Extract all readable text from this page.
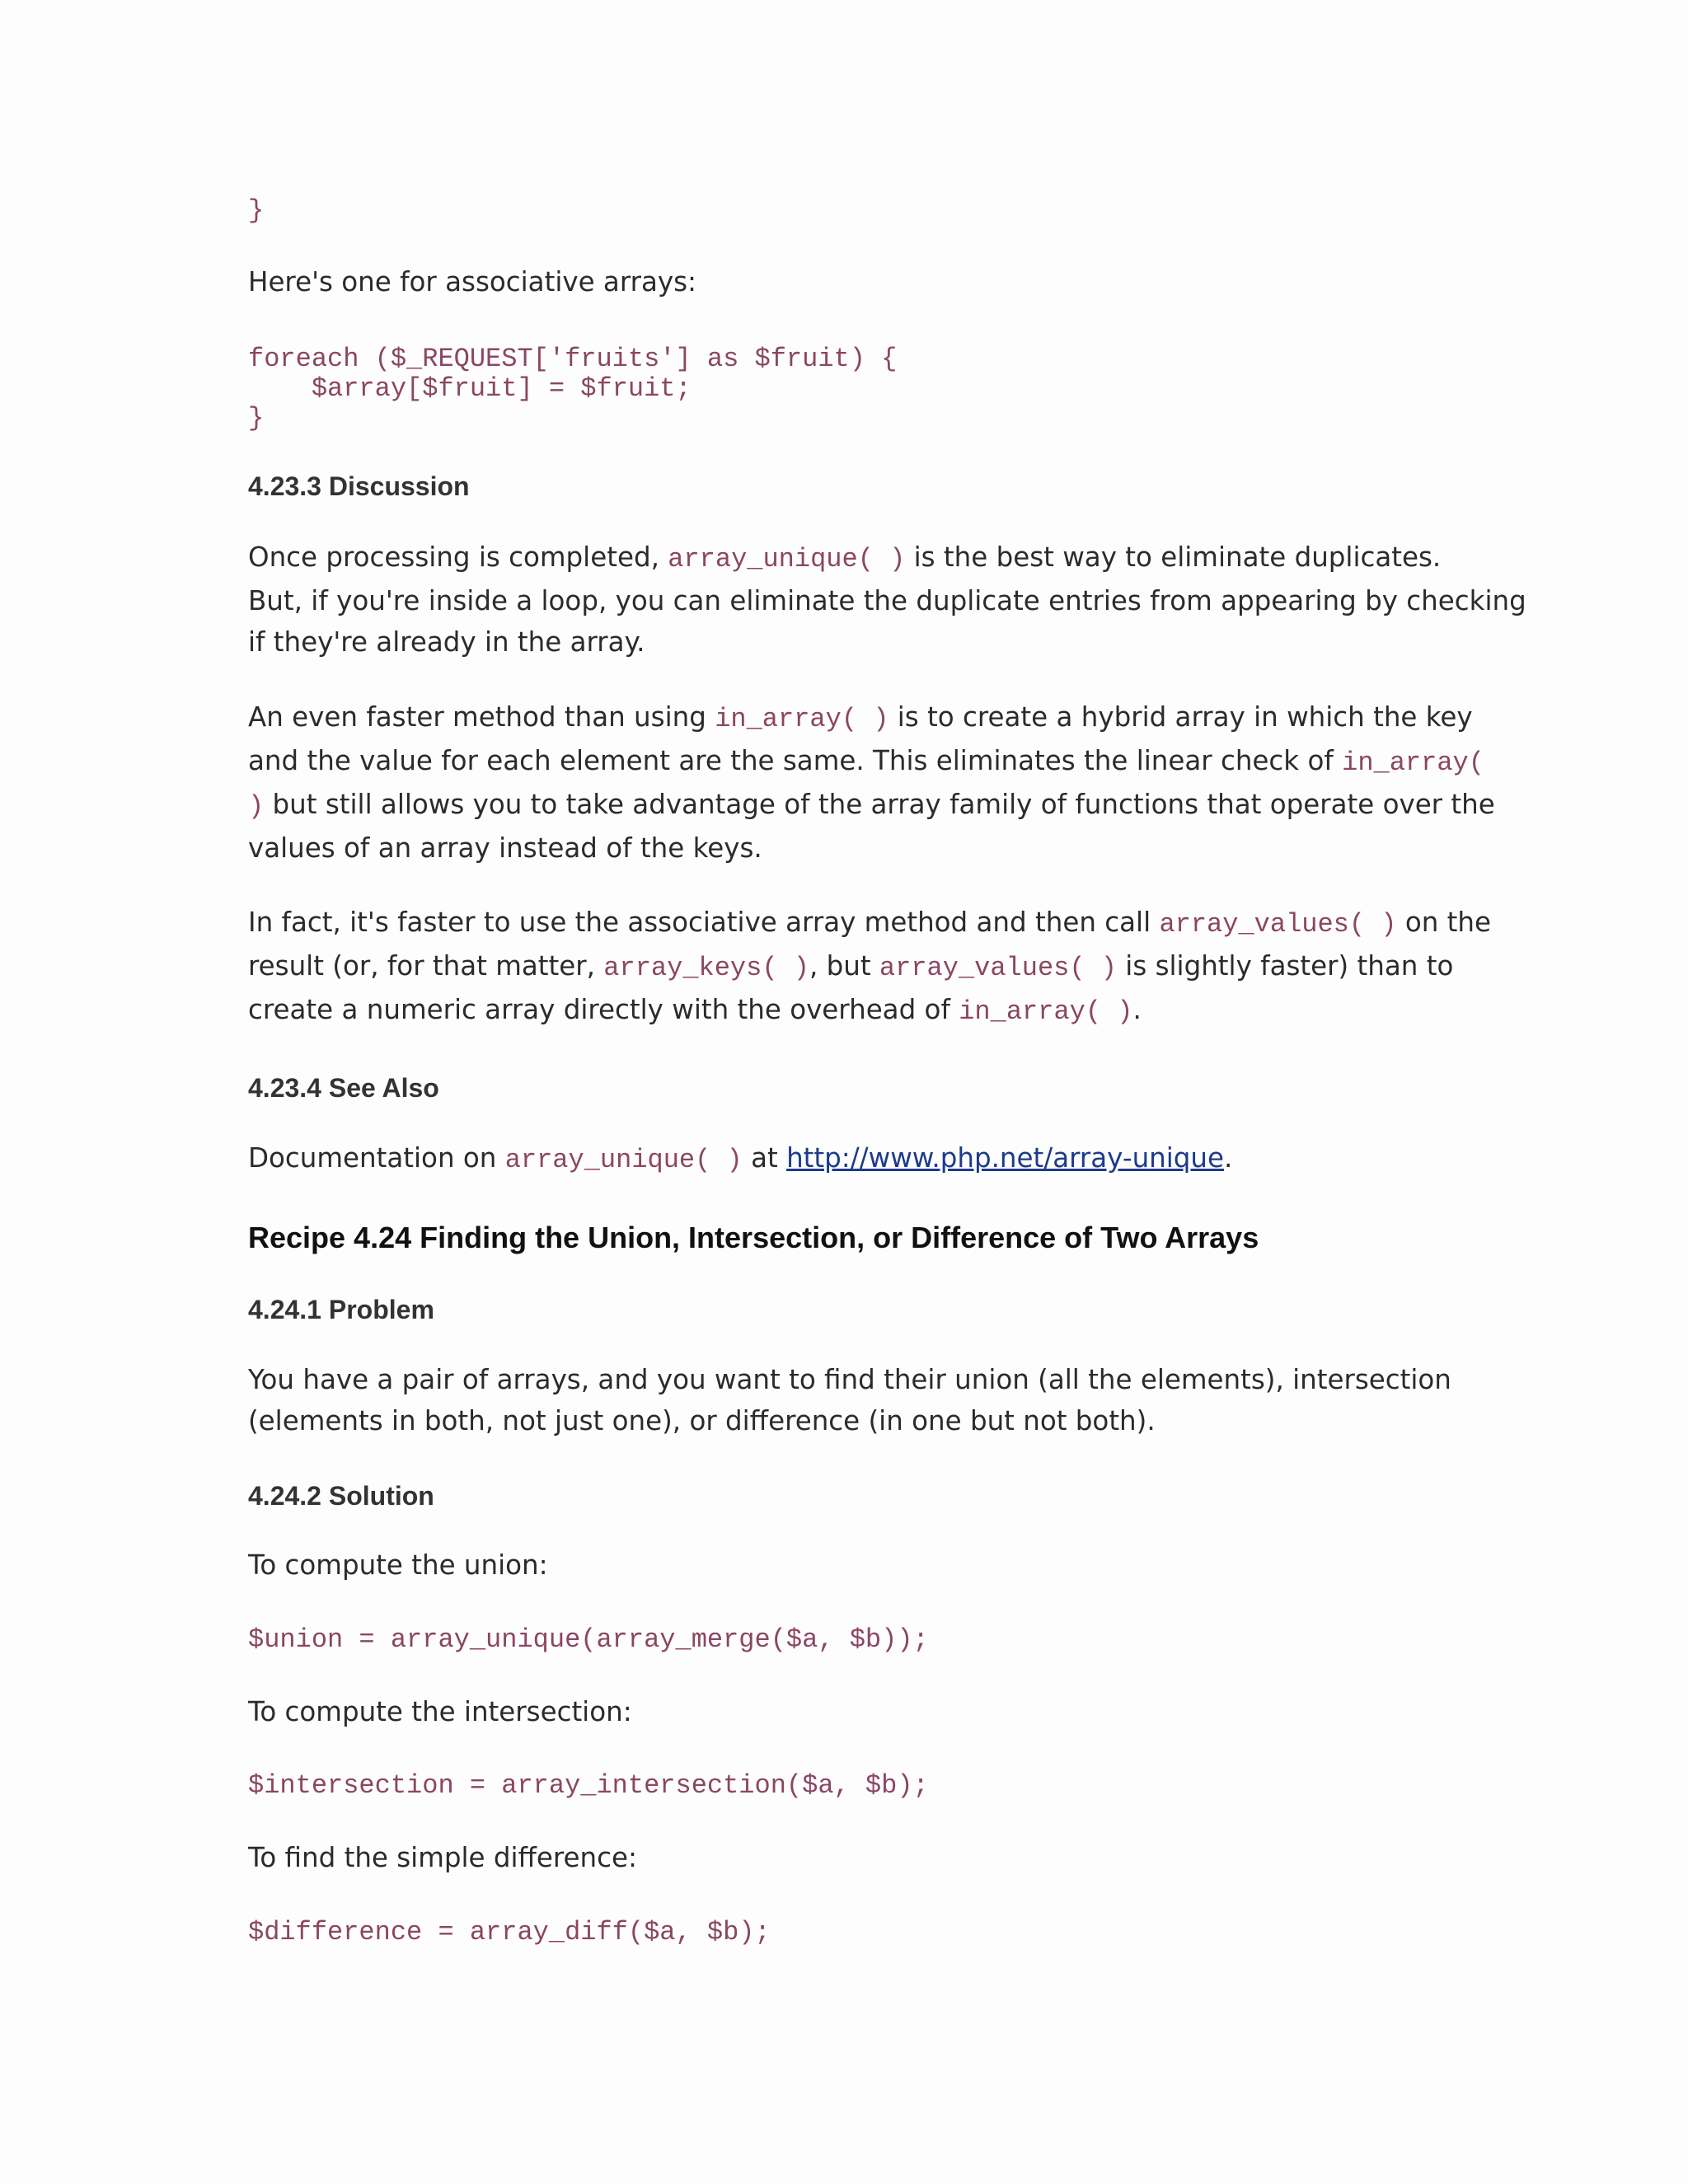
}

Here's one for associative arrays:

foreach ($_REQUEST['fruits'] as $fruit) {
$array[$fruit] = $fruit;
}
4.23.3 Discussion
Once processing is completed, array_unique( ) is the best way to eliminate duplicates.
But, if you're inside a loop, you can eliminate the duplicate entries from appearing by checking
if they're already in the array.
An even faster method than using in_array( ) is to create a hybrid array in which the key
and the value for each element are the same. This eliminates the linear check of in_array(
) but still allows you to take advantage of the array family of functions that operate over the
values of an array instead of the keys.
In fact, it's faster to use the associative array method and then call array_values( ) on the
result (or, for that matter, array_keys( ), but array_values( ) is slightly faster) than to
create a numeric array directly with the overhead of in_array( ).
4.23.4 See Also
Documentation on array_unique( ) at http://www.php.net/array-unique.
Recipe 4.24 Finding the Union, Intersection, or Difference of Two Arrays
4.24.1 Problem
You have a pair of arrays, and you want to find their union (all the elements), intersection
(elements in both, not just one), or difference (in one but not both).
4.24.2 Solution

To compute the union:

$union = array_unique(array_merge($a, $b));

To compute the intersection:

$intersection = array_intersection($a, $b);

To find the simple difference:

$difference = array_diff($a, $b);
